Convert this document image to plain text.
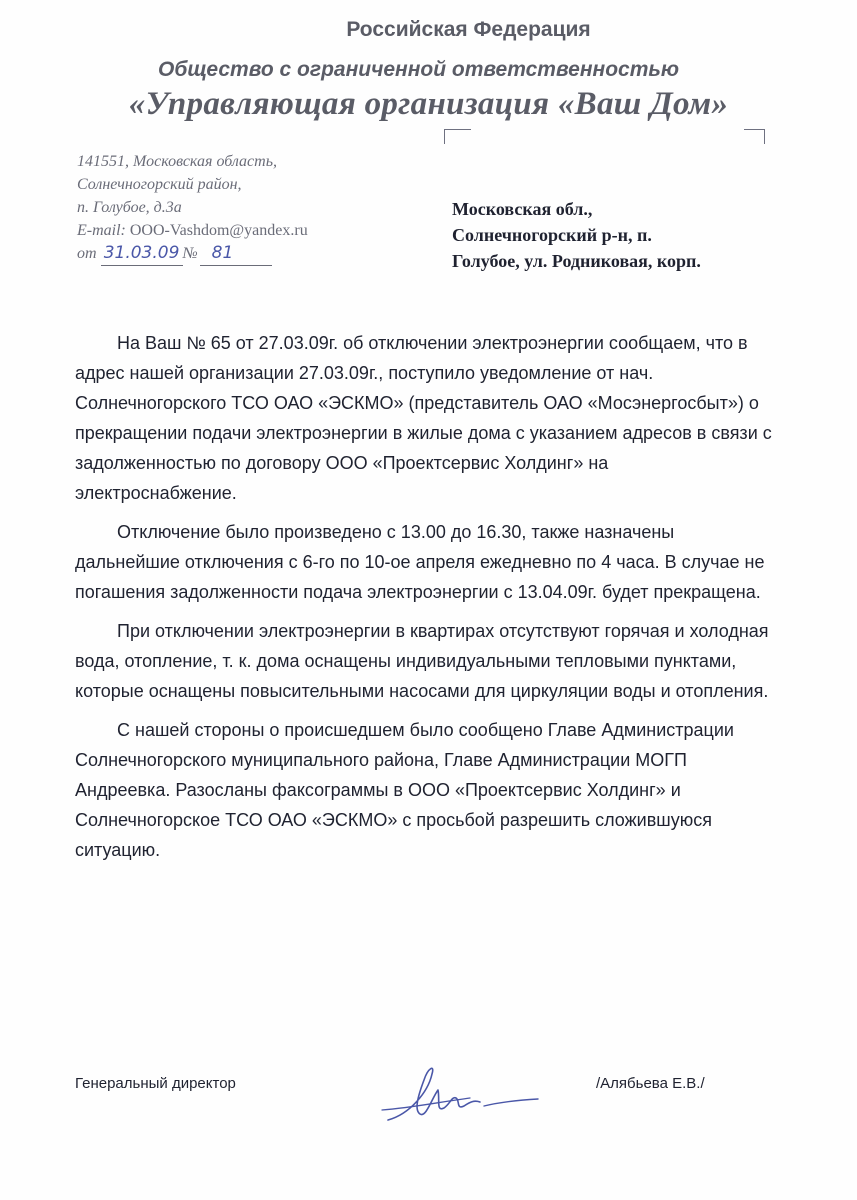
Российская Федерация
Общество с ограниченной ответственностью
«Управляющая организация «Ваш Дом»
141551, Московская область,
Солнечногорский район,
п. Голубое, д.3а
E-mail: OOO-Vashdom@yandex.ru
от 31.03.09 № 81
Московская обл.,
Солнечногорский р-н, п.
Голубое, ул. Родниковая, корп.

На Ваш № 65 от 27.03.09г. об отключении электроэнергии сообщаем, что в адрес нашей организации 27.03.09г., поступило уведомление от нач. Солнечногорского ТСО ОАО «ЭСКМО» (представитель ОАО «Мосэнергосбыт») о прекращении подачи электроэнергии в жилые дома с указанием адресов в связи с задолженностью по договору ООО «Проектсервис Холдинг» на электроснабжение.

Отключение было произведено с 13.00 до 16.30, также назначены дальнейшие отключения с 6-го по 10-ое апреля ежедневно по 4 часа. В случае не погашения задолженности подача электроэнергии с 13.04.09г. будет прекращена.

При отключении электроэнергии в квартирах отсутствуют горячая и холодная вода, отопление, т. к. дома оснащены индивидуальными тепловыми пунктами, которые оснащены повысительными насосами для циркуляции воды и отопления.

С нашей стороны о происшедшем было сообщено Главе Администрации Солнечногорского муниципального района, Главе Администрации МОГП Андреевка. Разосланы факсограммы в ООО «Проектсервис Холдинг» и Солнечногорское ТСО ОАО «ЭСКМО» с просьбой разрешить сложившуюся ситуацию.

Генеральный директор	/Алябьева Е.В./
